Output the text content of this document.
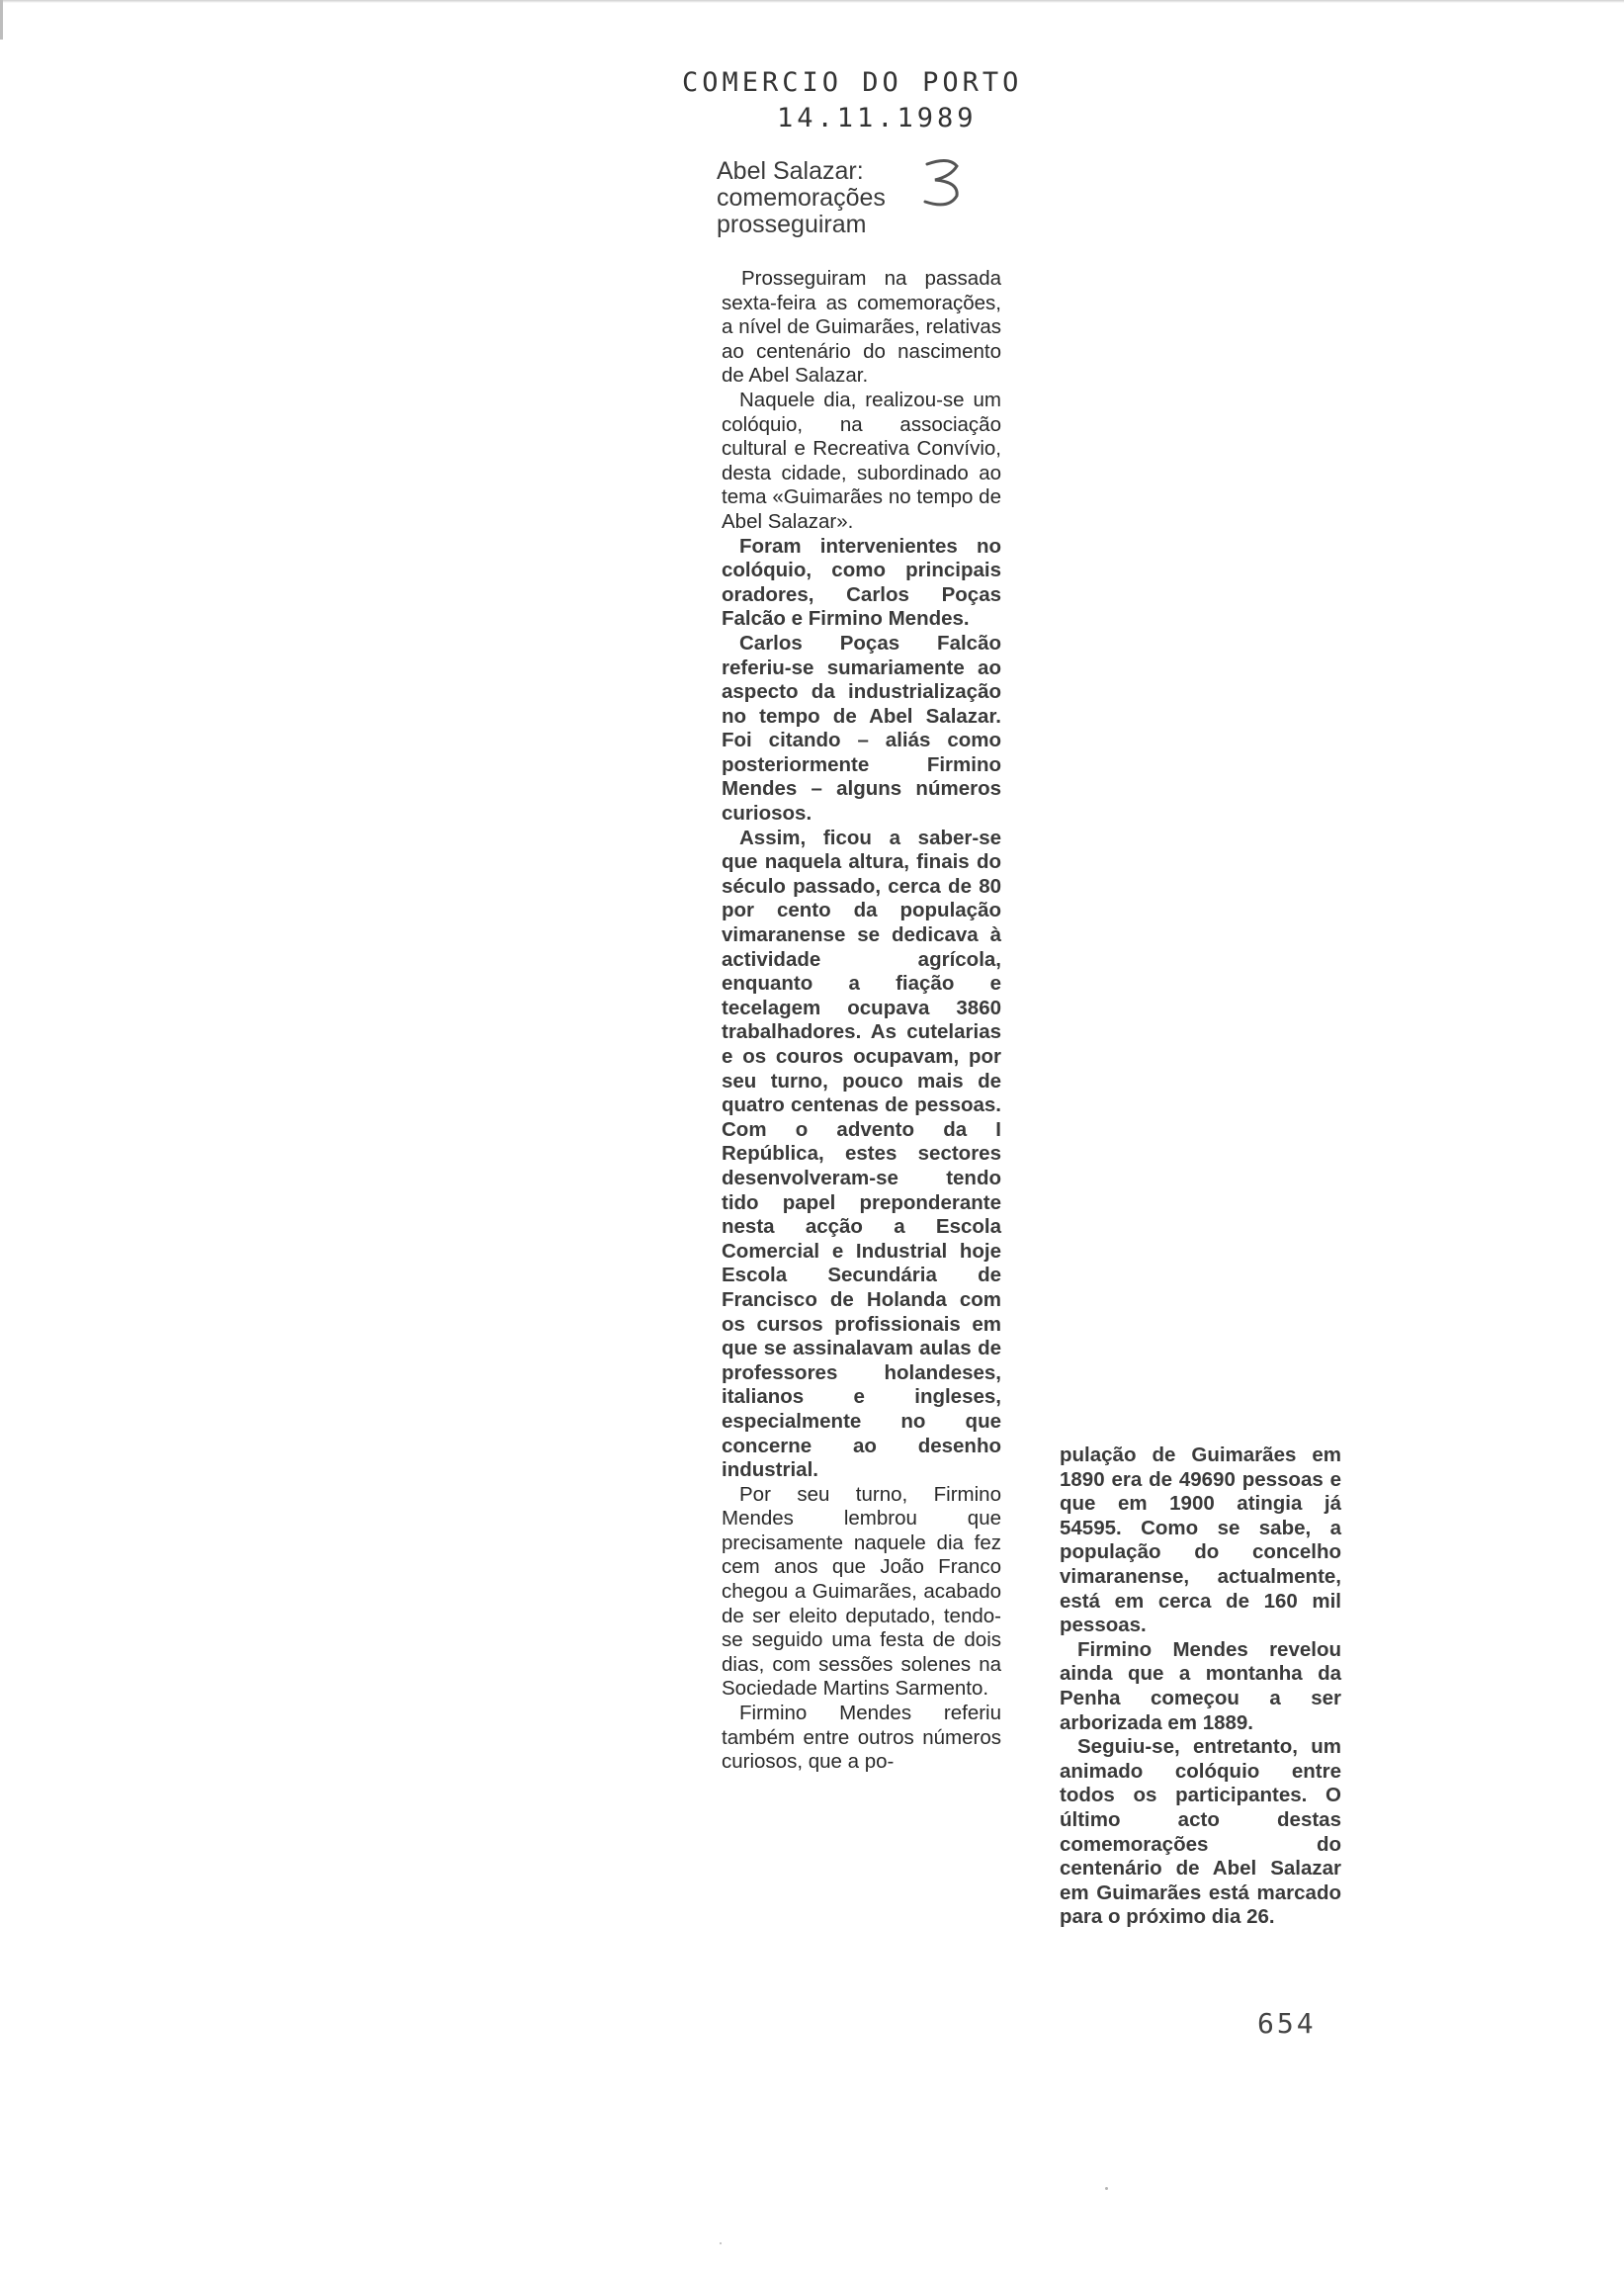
COMERCIO DO PORTO
14.11.1989
Abel Salazar:
comemorações
prosseguiram

Prosseguiram na passada sexta-feira as comemorações, a nível de Guimarães, relativas ao centenário do nascimento de Abel Salazar.

Naquele dia, realizou-se um colóquio, na associação cultural e Recreativa Convívio, desta cidade, subordinado ao tema «Guimarães no tempo de Abel Salazar».

Foram intervenientes no colóquio, como principais oradores, Carlos Poças Falcão e Firmino Mendes.

Carlos Poças Falcão referiu-se sumariamente ao aspecto da industrialização no tempo de Abel Salazar. Foi citando – aliás como posteriormente Firmino Mendes – alguns números curiosos.

Assim, ficou a saber-se que naquela altura, finais do século passado, cerca de 80 por cento da população vimaranense se dedicava à actividade agrícola, enquanto a fiação e tecelagem ocupava 3860 trabalhadores. As cutelarias e os couros ocupavam, por seu turno, pouco mais de quatro centenas de pessoas. Com o advento da I República, estes sectores desenvolveram-se tendo tido papel preponderante nesta acção a Escola Comercial e Industrial hoje Escola Secundária de Francisco de Holanda com os cursos profissionais em que se assinalavam aulas de professores holandeses, italianos e ingleses, especialmente no que concerne ao desenho industrial.

Por seu turno, Firmino Mendes lembrou que precisamente naquele dia fez cem anos que João Franco chegou a Guimarães, acabado de ser eleito deputado, tendo-se seguido uma festa de dois dias, com sessões solenes na Sociedade Martins Sarmento.

Firmino Mendes referiu também entre outros números curiosos, que a po-

pulação de Guimarães em 1890 era de 49690 pessoas e que em 1900 atingia já 54595. Como se sabe, a população do concelho vimaranense, actualmente, está em cerca de 160 mil pessoas.

Firmino Mendes revelou ainda que a montanha da Penha começou a ser arborizada em 1889.

Seguiu-se, entretanto, um animado colóquio entre todos os participantes. O último acto destas comemorações do centenário de Abel Salazar em Guimarães está marcado para o próximo dia 26.

654
